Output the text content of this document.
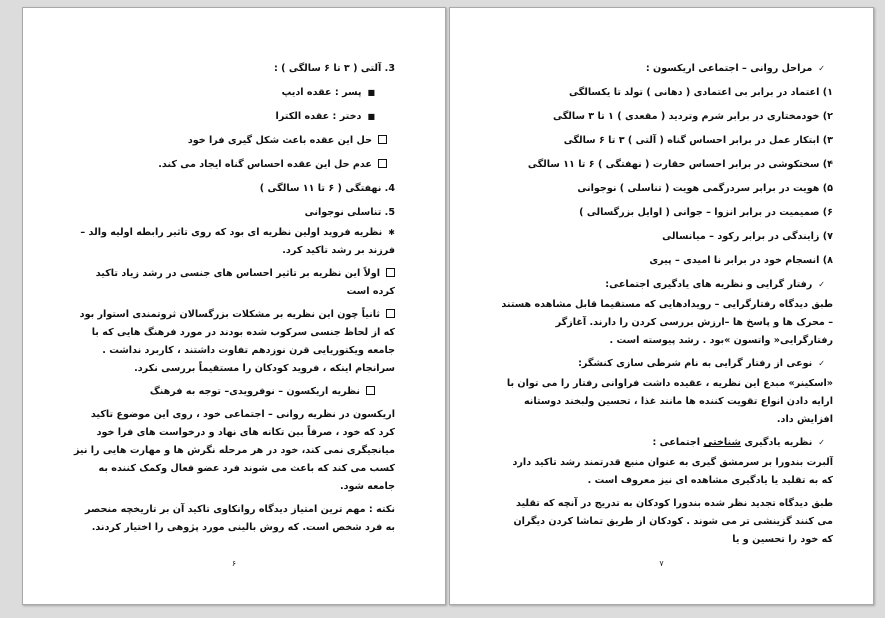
3. آلتی ( ۳ تا ۶ سالگی ) :
■پسر : عقده ادیپ
■دختر : عقده الکترا
حل این عقده باعث شکل گیری فرا خود
عدم حل این عقده احساس گناه ایجاد می کند.
4. نهفتگی ( ۶ تا ۱۱ سالگی )
5. تناسلی نوجوانی
✱نظریه فروید اولین نظریه ای بود که روی تاثیر رابطه اولیه والد – فرزند بر رشد تاکید کرد.
اولاً این نظریه بر تاثیر احساس های جنسی در رشد زیاد تاکید کرده است
ثانیاً چون این نظریه بر مشکلات بزرگسالان ثروتمندی استوار بود که از لحاظ جنسی سرکوب شده بودند در مورد فرهنگ هایی که با جامعه ویکتوریایی قرن نوزدهم تفاوت داشتند ، کاربرد نداشت . سرانجام اینکه ، فروید کودکان را مستقیماً بررسی نکرد.
نظریه اریکسون – نوفرویدی– توجه به فرهنگ
اریکسون در نظریه روانی – اجتماعی خود ، روی این موضوع تاکید کرد که خود ، صرفاً بین تکانه های نهاد و درخواست های فرا خود میانجیگری نمی کند، خود در هر مرحله نگرش ها و مهارت هایی را نیز کسب می کند که باعث می شوند فرد عضو فعال وکمک کننده به جامعه شود.
نکته : مهم ترین امتیاز دیدگاه روانکاوی تاکید آن بر تاریخچه منحصر به فرد شخص است. که روش بالینی مورد پژوهی را اختیار کردند.
۶
✓مراحل روانی – اجتماعی اریکسون :
۱) اعتماد در برابر بی اعتمادی ( دهانی ) تولد تا یکسالگی
۲) خودمختاری در برابر شرم وتردید ( مقعدی ) ۱ تا ۳ سالگی
۳) ابتکار عمل در برابر احساس گناه ( آلتی ) ۳ تا ۶ سالگی
۴) سختکوشی در برابر احساس حقارت ( نهفتگی ) ۶ تا ۱۱ سالگی
۵) هویت در برابر سردرگمی هویت ( تناسلی ) نوجوانی
۶) صمیمیت در برابر انزوا – جوانی ( اوایل بزرگسالی )
۷) زایندگی در برابر رکود – میانسالی
۸) انسجام خود در برابر نا امیدی – پیری
✓رفتار گرایی و نظریه های یادگیری اجتماعی:
طبق دیدگاه رفتارگرایی – رویدادهایی که مستقیما قابل مشاهده هستند – محرک ها و پاسخ ها –ارزش بررسی کردن را دارند. آغازگر رفتارگرایی« واتسون »بود . رشد پیوسته است .
✓نوعی از رفتار گرایی به نام شرطی سازی کنشگر:
«اسکینر» مبدع این نظریه ، عقیده داشت فراوانی رفتار را می توان با ارایه دادن انواع تقویت کننده ها مانند غذا ، تحسین ولبخند دوستانه افزایش داد.
✓نظریه یادگیری شناختی اجتماعی :
آلبرت بندورا بر سرمشق گیری به عنوان منبع قدرتمند رشد تاکید دارد که به تقلید یا یادگیری مشاهده ای نیز معروف است .
طبق دیدگاه تجدید نظر شده بندورا کودکان به تدریج در آنچه که تقلید می کنند گزینشی تر می شوند . کودکان از طریق تماشا کردن دیگران که خود را تحسین و یا
۷
